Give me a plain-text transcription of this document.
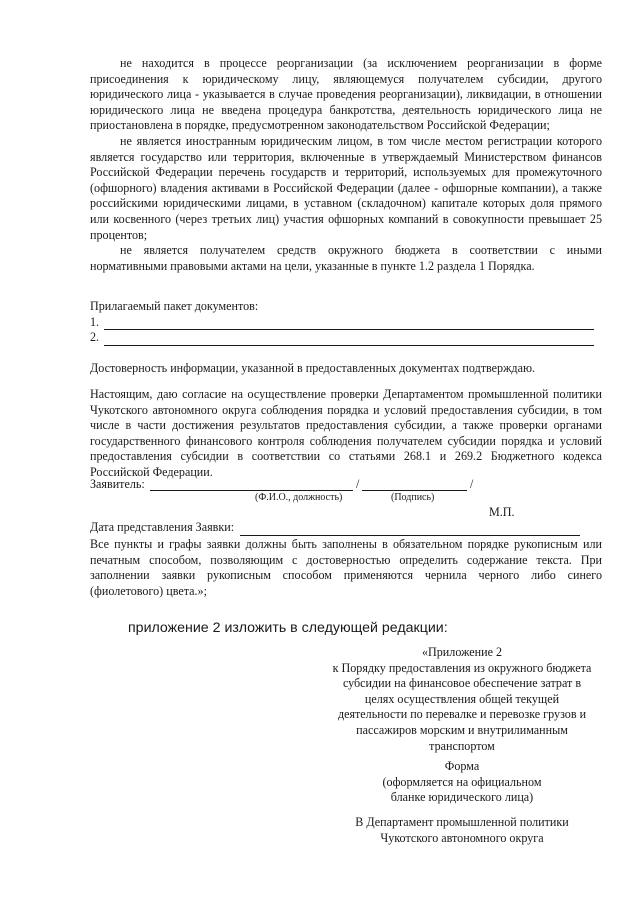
не находится в процессе реорганизации (за исключением реорганизации в форме присоединения к юридическому лицу, являющемуся получателем субсидии, другого юридического лица - указывается в случае проведения реорганизации), ликвидации, в отношении юридического лица не введена процедура банкротства, деятельность юридического лица не приостановлена в порядке, предусмотренном законодательством Российской Федерации;

не является иностранным юридическим лицом, в том числе местом регистрации которого является государство или территория, включенные в утверждаемый Министерством финансов Российской Федерации перечень государств и территорий, используемых для промежуточного (офшорного) владения активами в Российской Федерации (далее - офшорные компании), а также российскими юридическими лицами, в уставном (складочном) капитале которых доля прямого или косвенного (через третьих лиц) участия офшорных компаний в совокупности превышает 25 процентов;

не является получателем средств окружного бюджета в соответствии с иными нормативными правовыми актами на цели, указанные в пункте 1.2 раздела 1 Порядка.

Прилагаемый пакет документов:
1.
2.
Достоверность информации, указанной в предоставленных документах подтверждаю.
Настоящим, даю согласие на осуществление проверки Департаментом промышленной политики Чукотского автономного округа соблюдения порядка и условий предоставления субсидии, в том числе в части достижения результатов предоставления субсидии, а также проверки органами государственного финансового контроля соблюдения получателем субсидии порядка и условий предоставления субсидии в соответствии со статьями 268.1 и 269.2 Бюджетного кодекса Российской Федерации.
Заявитель:	/	/
(Ф.И.О., должность)	(Подпись)
М.П.
Дата представления Заявки:
Все пункты и графы заявки должны быть заполнены в обязательном порядке рукописным или печатным способом, позволяющим с достоверностью определить содержание текста. При заполнении заявки рукописным способом применяются чернила черного либо синего (фиолетового) цвета.»;
приложение 2 изложить в следующей редакции:
«Приложение 2
к Порядку предоставления из окружного бюджета
субсидии на финансовое обеспечение затрат в
целях осуществления общей текущей
деятельности по перевалке и перевозке грузов и
пассажиров морским и внутрилиманным
транспортом
Форма
(оформляется на официальном
бланке юридического лица)
В Департамент промышленной политики
Чукотского автономного округа
